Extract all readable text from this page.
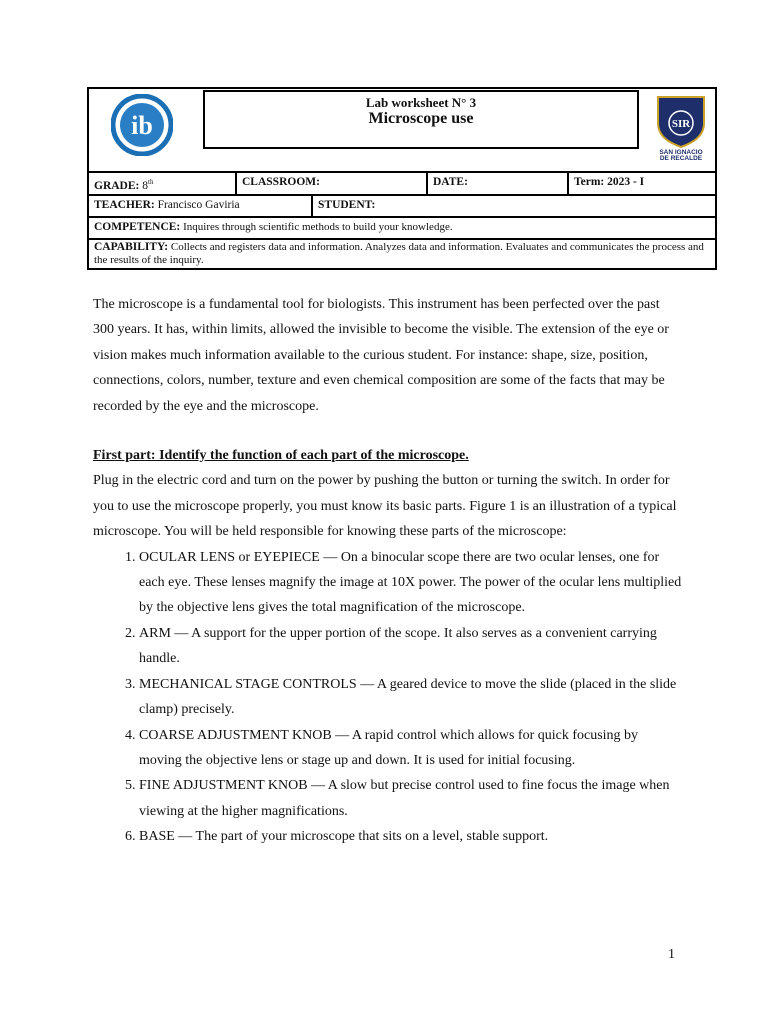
ib
Lab worksheet N° 3
Microscope use	SIR
SAN IGNACIO
DE RECALDE
GRADE: 8th	CLASSROOM:	DATE:	Term: 2023 - I
TEACHER: Francisco Gaviria	STUDENT:
COMPETENCE: Inquires through scientific methods to build your knowledge.
CAPABILITY: Collects and registers data and information. Analyzes data and information. Evaluates and communicates the process and the results of the inquiry.

The microscope is a fundamental tool for biologists. This instrument has been perfected over the past 300 years. It has, within limits, allowed the invisible to become the visible. The extension of the eye or vision makes much information available to the curious student. For instance: shape, size, position, connections, colors, number, texture and even chemical composition are some of the facts that may be recorded by the eye and the microscope.

First part: Identify the function of each part of the microscope.

Plug in the electric cord and turn on the power by pushing the button or turning the switch. In order for you to use the microscope properly, you must know its basic parts. Figure 1 is an illustration of a typical microscope. You will be held responsible for knowing these parts of the microscope:

1. OCULAR LENS or EYEPIECE — On a binocular scope there are two ocular lenses, one for each eye. These lenses magnify the image at 10X power. The power of the ocular lens multiplied by the objective lens gives the total magnification of the microscope.
2. ARM — A support for the upper portion of the scope. It also serves as a convenient carrying handle.
3. MECHANICAL STAGE CONTROLS — A geared device to move the slide (placed in the slide clamp) precisely.
4. COARSE ADJUSTMENT KNOB — A rapid control which allows for quick focusing by moving the objective lens or stage up and down. It is used for initial focusing.
5. FINE ADJUSTMENT KNOB — A slow but precise control used to fine focus the image when viewing at the higher magnifications.
6. BASE — The part of your microscope that sits on a level, stable support.
1
